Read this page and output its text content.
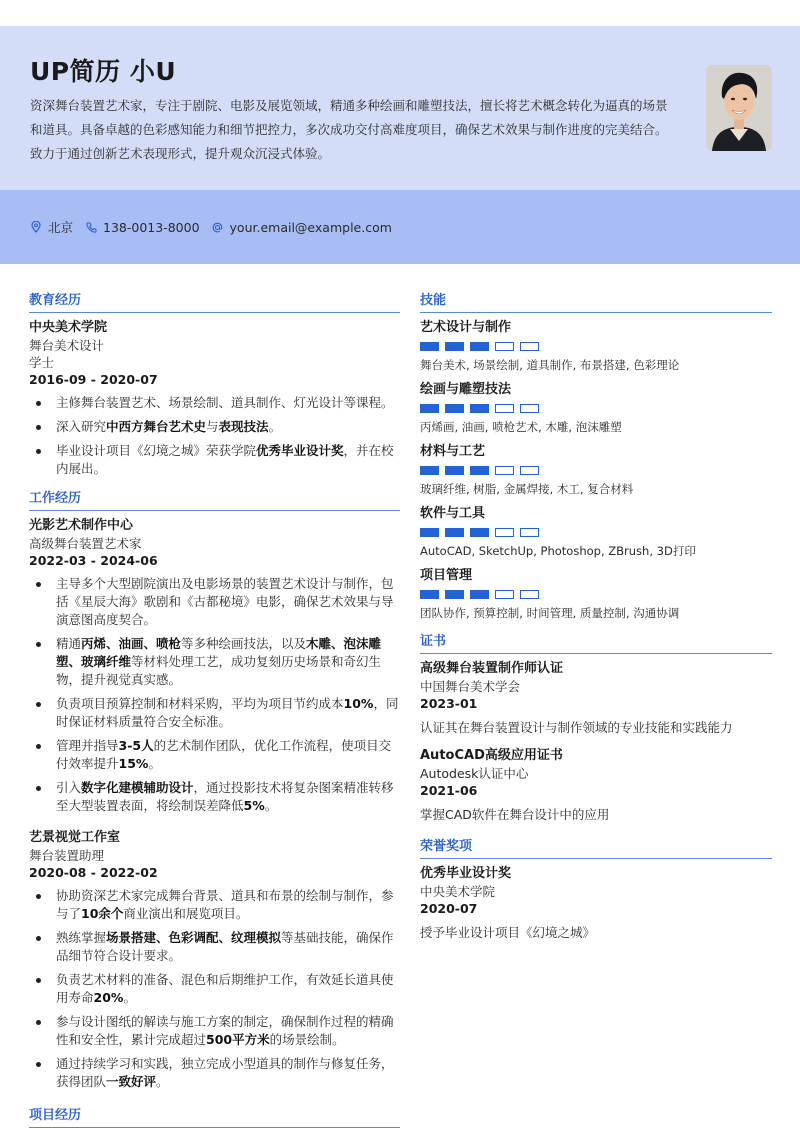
UP简历 小U

资深舞台装置艺术家，专注于剧院、电影及展览领域，精通多种绘画和雕塑技法，擅长将艺术概念转化为逼真的场景和道具。具备卓越的色彩感知能力和细节把控力，多次成功交付高难度项目，确保艺术效果与制作进度的完美结合。致力于通过创新艺术表现形式，提升观众沉浸式体验。

北京 138-0013-8000 your.email@example.com
教育经历
中央美术学院
舞台美术设计
学士
2016-09 - 2020-07
主修舞台装置艺术、场景绘制、道具制作、灯光设计等课程。
深入研究中西方舞台艺术史与表现技法。
毕业设计项目《幻境之城》荣获学院优秀毕业设计奖，并在校内展出。
工作经历
光影艺术制作中心
高级舞台装置艺术家
2022-03 - 2024-06
主导多个大型剧院演出及电影场景的装置艺术设计与制作，包括《星辰大海》歌剧和《古都秘境》电影，确保艺术效果与导演意图高度契合。
精通丙烯、油画、喷枪等多种绘画技法，以及木雕、泡沫雕塑、玻璃纤维等材料处理工艺，成功复刻历史场景和奇幻生物，提升视觉真实感。
负责项目预算控制和材料采购，平均为项目节约成本10%，同时保证材料质量符合安全标准。
管理并指导3-5人的艺术制作团队，优化工作流程，使项目交付效率提升15%。
引入数字化建模辅助设计，通过投影技术将复杂图案精准转移至大型装置表面，将绘制误差降低5%。
艺景视觉工作室
舞台装置助理
2020-08 - 2022-02
协助资深艺术家完成舞台背景、道具和布景的绘制与制作，参与了10余个商业演出和展览项目。
熟练掌握场景搭建、色彩调配、纹理模拟等基础技能，确保作品细节符合设计要求。
负责艺术材料的准备、混色和后期维护工作，有效延长道具使用寿命20%。
参与设计图纸的解读与施工方案的制定，确保制作过程的精确性和安全性，累计完成超过500平方米的场景绘制。
通过持续学习和实践，独立完成小型道具的制作与修复任务，获得团队一致好评。
项目经历
技能
艺术设计与制作
舞台美术, 场景绘制, 道具制作, 布景搭建, 色彩理论
绘画与雕塑技法
丙烯画, 油画, 喷枪艺术, 木雕, 泡沫雕塑
材料与工艺
玻璃纤维, 树脂, 金属焊接, 木工, 复合材料
软件与工具
AutoCAD, SketchUp, Photoshop, ZBrush, 3D打印
项目管理
团队协作, 预算控制, 时间管理, 质量控制, 沟通协调
证书
高级舞台装置制作师认证
中国舞台美术学会
2023-01
认证其在舞台装置设计与制作领域的专业技能和实践能力
AutoCAD高级应用证书
Autodesk认证中心
2021-06
掌握CAD软件在舞台设计中的应用
荣誉奖项
优秀毕业设计奖
中央美术学院
2020-07
授予毕业设计项目《幻境之城》
